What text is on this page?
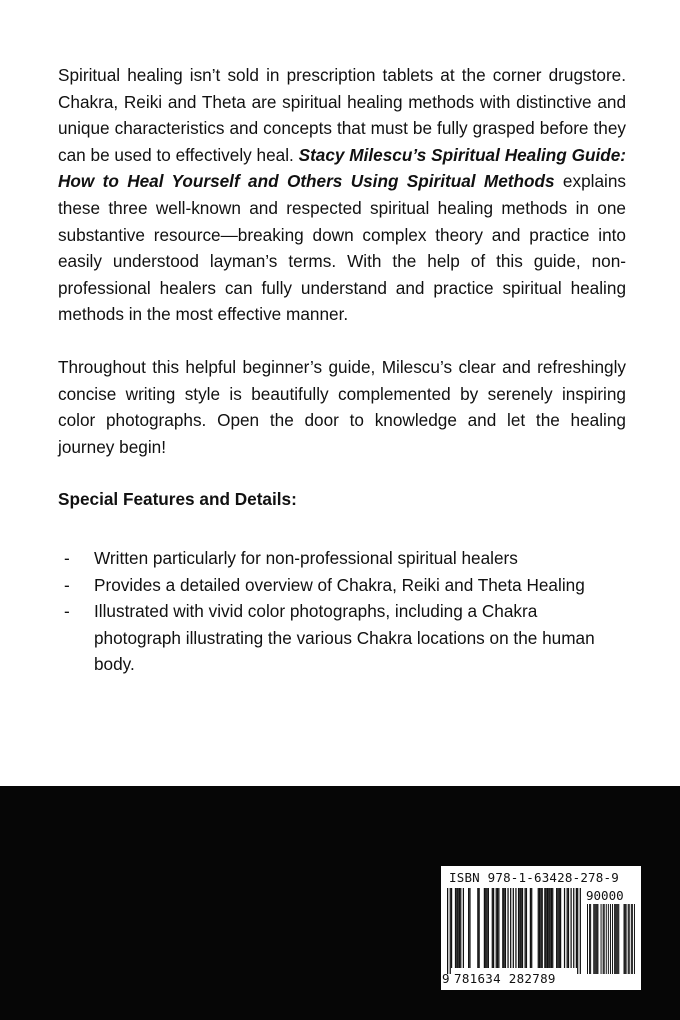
Spiritual healing isn’t sold in prescription tablets at the corner drugstore. Chakra, Reiki and Theta are spiritual healing methods with distinctive and unique characteristics and concepts that must be fully grasped before they can be used to effectively heal. Stacy Milescu’s Spiritual Healing Guide: How to Heal Yourself and Others Using Spiritual Methods explains these three well-known and respected spiritual healing methods in one substantive resource—breaking down complex theory and practice into easily understood layman’s terms. With the help of this guide, non-professional healers can fully understand and practice spiritual healing methods in the most effective manner.

Throughout this helpful beginner’s guide, Milescu’s clear and refreshingly concise writing style is beautifully complemented by serenely inspiring color photographs. Open the door to knowledge and let the healing journey begin!

Special Features and Details:

- Written particularly for non-professional spiritual healers
- Provides a detailed overview of Chakra, Reiki and Theta Healing
- Illustrated with vivid color photographs, including a Chakra photograph illustrating the various Chakra locations on the human body.
ISBN 978-1-63428-278-9
90000
9 781634 282789
